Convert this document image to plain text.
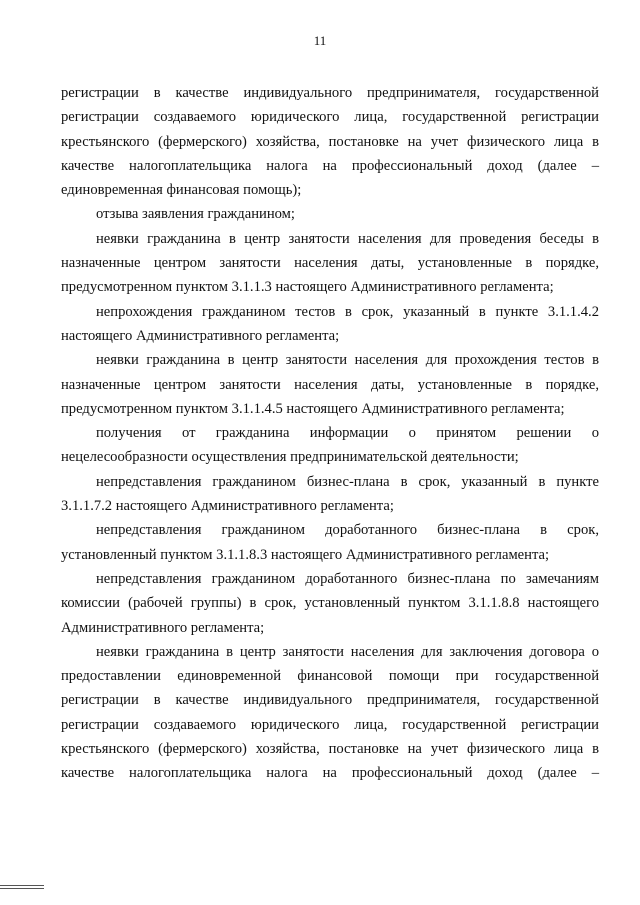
11

регистрации в качестве индивидуального предпринимателя, государственной регистрации создаваемого юридического лица, государственной регистрации крестьянского (фермерского) хозяйства, постановке на учет физического лица в качестве налогоплательщика налога на профессиональный доход (далее – единовременная финансовая помощь);

отзыва заявления гражданином;

неявки гражданина в центр занятости населения для проведения беседы в назначенные центром занятости населения даты, установленные в порядке, предусмотренном пунктом 3.1.1.3 настоящего Административного регламента;

непрохождения гражданином тестов в срок, указанный в пункте 3.1.1.4.2 настоящего Административного регламента;

неявки гражданина в центр занятости населения для прохождения тестов в назначенные центром занятости населения даты, установленные в порядке, предусмотренном пунктом 3.1.1.4.5 настоящего Административного регламента;

получения от гражданина информации о принятом решении о нецелесообразности осуществления предпринимательской деятельности;

непредставления гражданином бизнес-плана в срок, указанный в пункте 3.1.1.7.2 настоящего Административного регламента;

непредставления гражданином доработанного бизнес-плана в срок, установленный пунктом 3.1.1.8.3 настоящего Административного регламента;

непредставления гражданином доработанного бизнес-плана по замечаниям комиссии (рабочей группы) в срок, установленный пунктом 3.1.1.8.8 настоящего Административного регламента;

неявки гражданина в центр занятости населения для заключения договора о предоставлении единовременной финансовой помощи при государственной регистрации в качестве индивидуального предпринимателя, государственной регистрации создаваемого юридического лица, государственной регистрации крестьянского (фермерского) хозяйства, постановке на учет физического лица в качестве налогоплательщика налога на профессиональный доход (далее –
